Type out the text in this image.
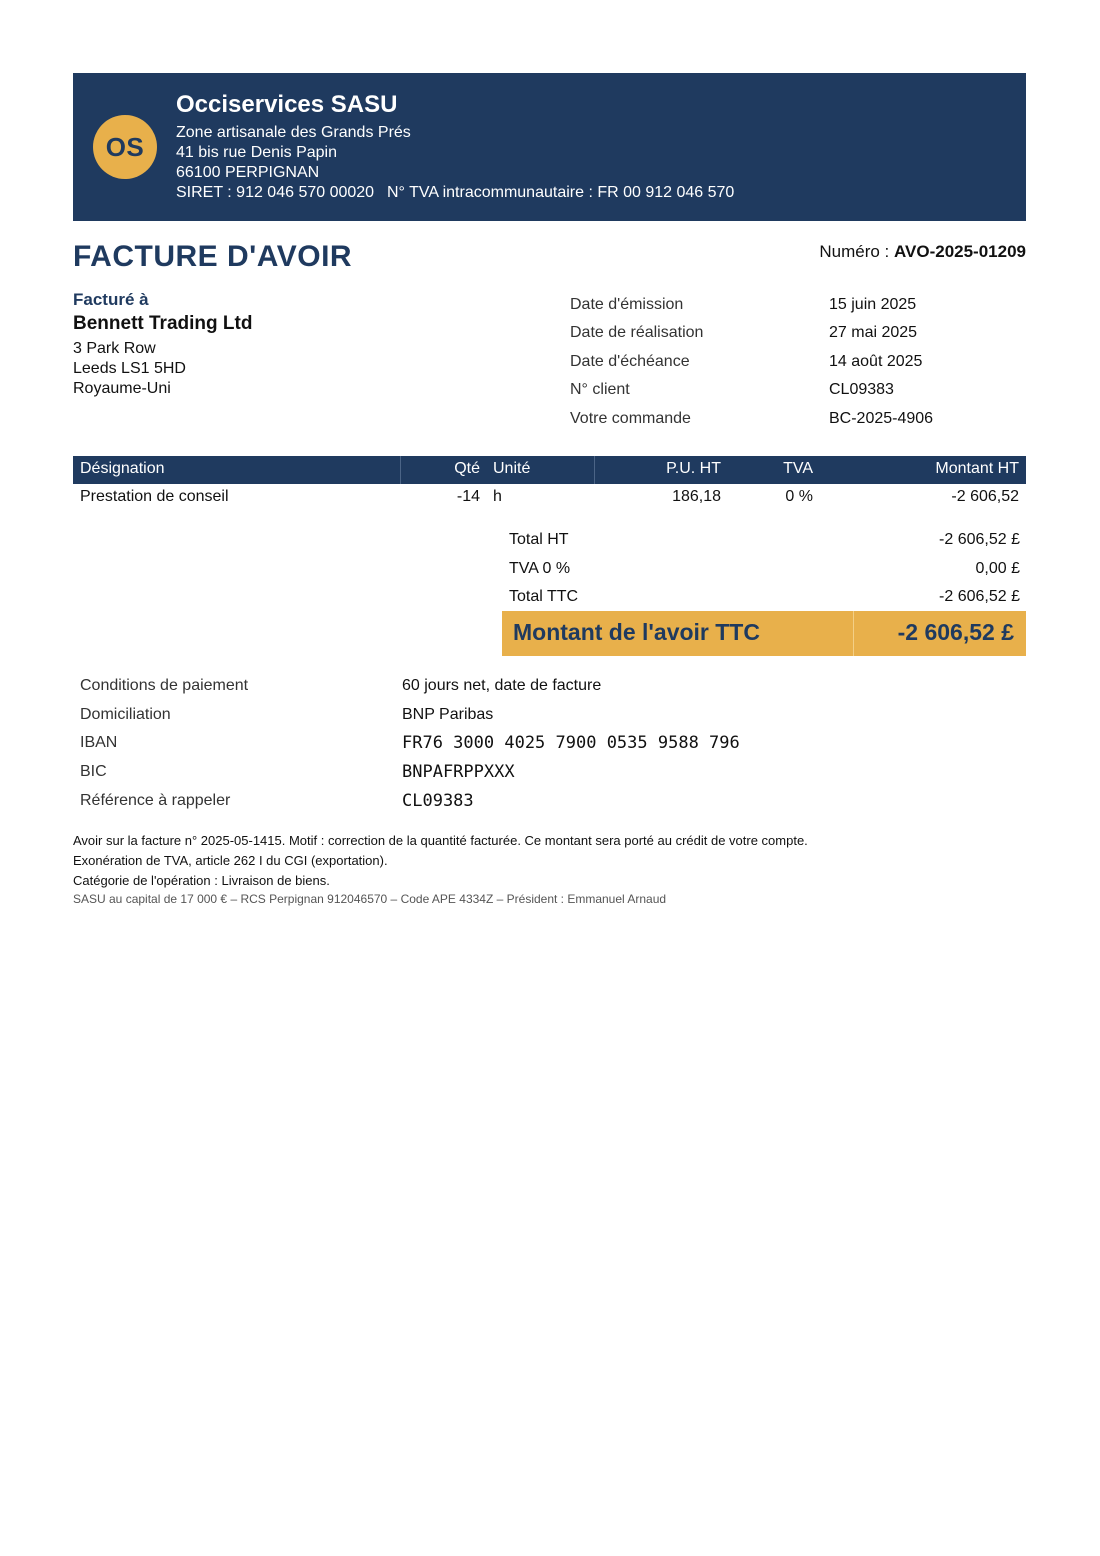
OS
Occiservices SASU
Zone artisanale des Grands Prés
41 bis rue Denis Papin
66100 PERPIGNAN
SIRET : 912 046 570 00020 N° TVA intracommunautaire : FR 00 912 046 570
FACTURE D'AVOIR	Numéro : AVO-2025-01209
Facturé à
Bennett Trading Ltd
3 Park Row
Leeds LS1 5HD
Royaume-Uni
Date d'émission	15 juin 2025
Date de réalisation	27 mai 2025
Date d'échéance	14 août 2025
N° client	CL09383
Votre commande	BC-2025-4906
Désignation	Qté Unité	P.U. HT	TVA	Montant HT
Prestation de conseil	-14 h	186,18	0 %	-2 606,52
Total HT	-2 606,52 £
TVA 0 %	0,00 £
Total TTC	-2 606,52 £
Montant de l'avoir TTC	-2 606,52 £
Conditions de paiement	60 jours net, date de facture
Domiciliation	BNP Paribas
IBAN	FR76 3000 4025 7900 0535 9588 796
BIC	BNPAFRPPXXX
Référence à rappeler	CL09383
Avoir sur la facture n° 2025-05-1415. Motif : correction de la quantité facturée. Ce montant sera porté au crédit de votre compte.
Exonération de TVA, article 262 I du CGI (exportation).
Catégorie de l'opération : Livraison de biens.
SASU au capital de 17 000 € – RCS Perpignan 912046570 – Code APE 4334Z – Président : Emmanuel Arnaud
